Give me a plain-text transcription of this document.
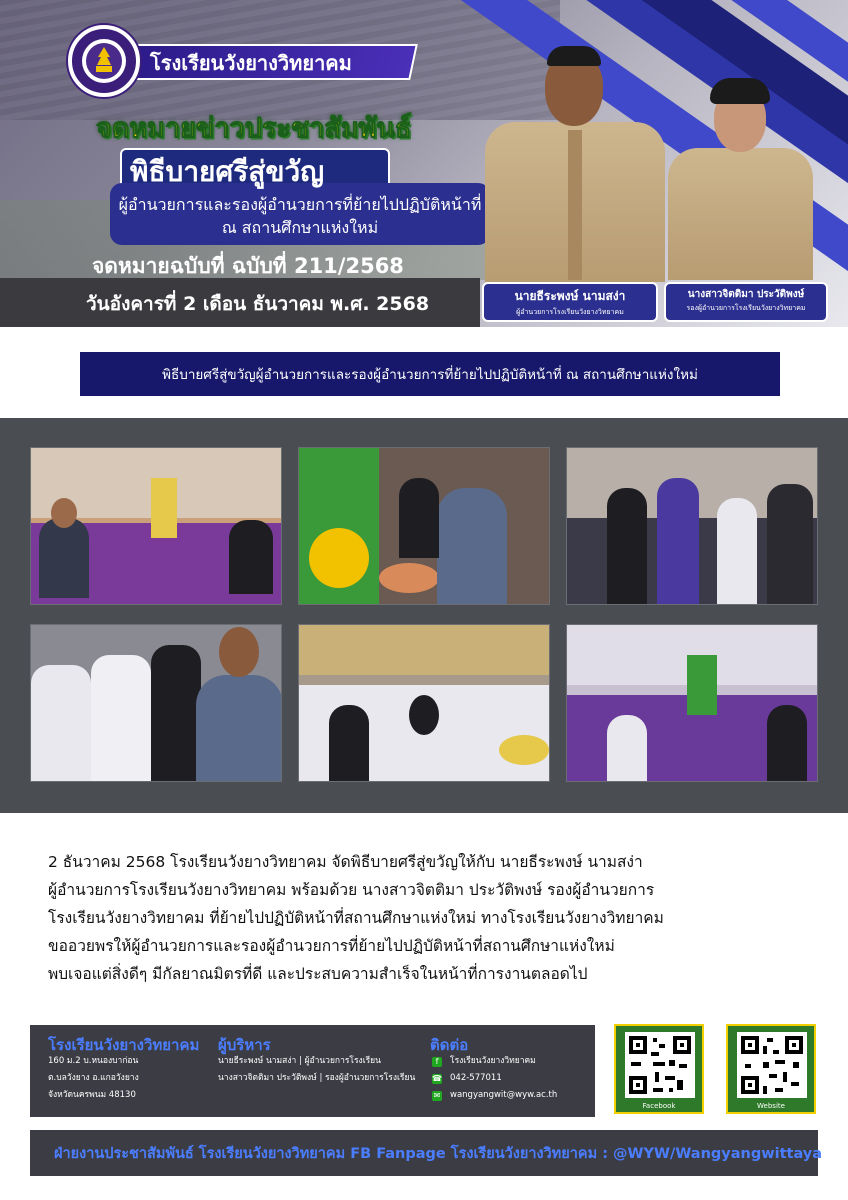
โรงเรียนวังยางวิทยาคม
จดหมายข่าวประชาสัมพันธ์
พิธีบายศรีสู่ขวัญ
ผู้อำนวยการและรองผู้อำนวยการที่ย้ายไปปฏิบัติหน้าที่
ณ สถานศึกษาแห่งใหม่
จดหมายฉบับที่ ฉบับที่ 211/2568
วันอังคารที่ 2 เดือน ธันวาคม พ.ศ. 2568	นายธีระพงษ์ นามสง่า
ผู้อำนวยการโรงเรียนวังยางวิทยาคม
นางสาวจิตติมา ประวัติพงษ์
รองผู้อำนวยการโรงเรียนวังยางวิทยาคม
พิธีบายศรีสู่ขวัญผู้อำนวยการและรองผู้อำนวยการที่ย้ายไปปฏิบัติหน้าที่ ณ สถานศึกษาแห่งใหม่
2 ธันวาคม 2568 โรงเรียนวังยางวิทยาคม จัดพิธีบายศรีสู่ขวัญให้กับ นายธีระพงษ์ นามสง่า
ผู้อำนวยการโรงเรียนวังยางวิทยาคม พร้อมด้วย นางสาวจิตติมา ประวัติพงษ์ รองผู้อำนวยการ
โรงเรียนวังยางวิทยาคม ที่ย้ายไปปฏิบัติหน้าที่สถานศึกษาแห่งใหม่ ทางโรงเรียนวังยางวิทยาคม
ขออวยพรให้ผู้อำนวยการและรองผู้อำนวยการที่ย้ายไปปฏิบัติหน้าที่สถานศึกษาแห่งใหม่
พบเจอแต่สิ่งดีๆ มีกัลยาณมิตรที่ดี และประสบความสำเร็จในหน้าที่การงานตลอดไป
โรงเรียนวังยางวิทยาคม
160 ม.2 บ.หนองบาก่อน
ต.บลวังยาง อ.แกอวังยาง
จังหวัดนครพนม 48130
ผู้บริหาร
นายธีระพงษ์ นามสง่า | ผู้อำนวยการโรงเรียน
นางสาวจิตติมา ประวัติพงษ์ | รองผู้อำนวยการโรงเรียน
ติดต่อ
f	โรงเรียนวังยางวิทยาคม
☎ 042-577011
✉ wangyangwit@wyw.ac.th
Facebook	Website
ฝ่ายงานประชาสัมพันธ์ โรงเรียนวังยางวิทยาคม FB Fanpage โรงเรียนวังยางวิทยาคม : @WYW/Wangyangwittaya
